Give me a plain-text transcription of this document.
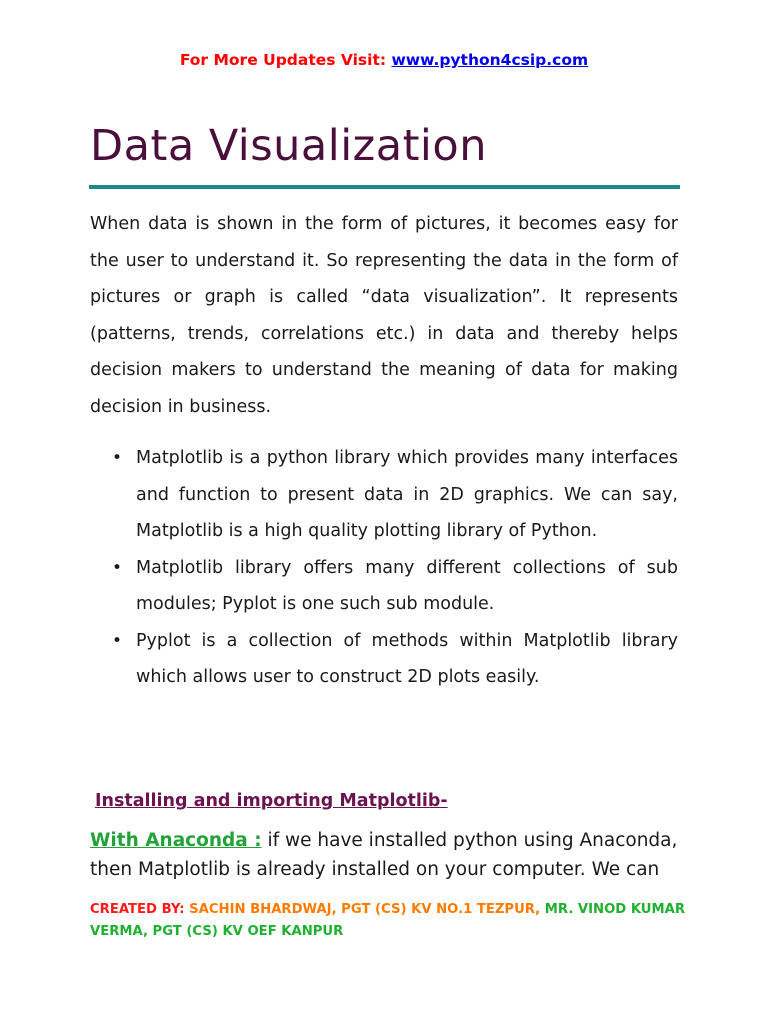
For More Updates Visit: www.python4csip.com
Data Visualization

When data is shown in the form of pictures, it becomes easy for the user to understand it. So representing the data in the form of pictures or graph is called “data visualization”. It represents (patterns, trends, correlations etc.) in data and thereby helps decision makers to understand the meaning of data for making decision in business.

• Matplotlib is a python library which provides many interfaces and function to present data in 2D graphics. We can say, Matplotlib is a high quality plotting library of Python.
• Matplotlib library offers many different collections of sub modules; Pyplot is one such sub module.
• Pyplot is a collection of methods within Matplotlib library which allows user to construct 2D plots easily.
Installing and importing Matplotlib-

With Anaconda : if we have installed python using Anaconda, then Matplotlib is already installed on your computer. We can

CREATED BY: SACHIN BHARDWAJ, PGT (CS) KV NO.1 TEZPUR, MR. VINOD KUMAR VERMA, PGT (CS) KV OEF KANPUR
